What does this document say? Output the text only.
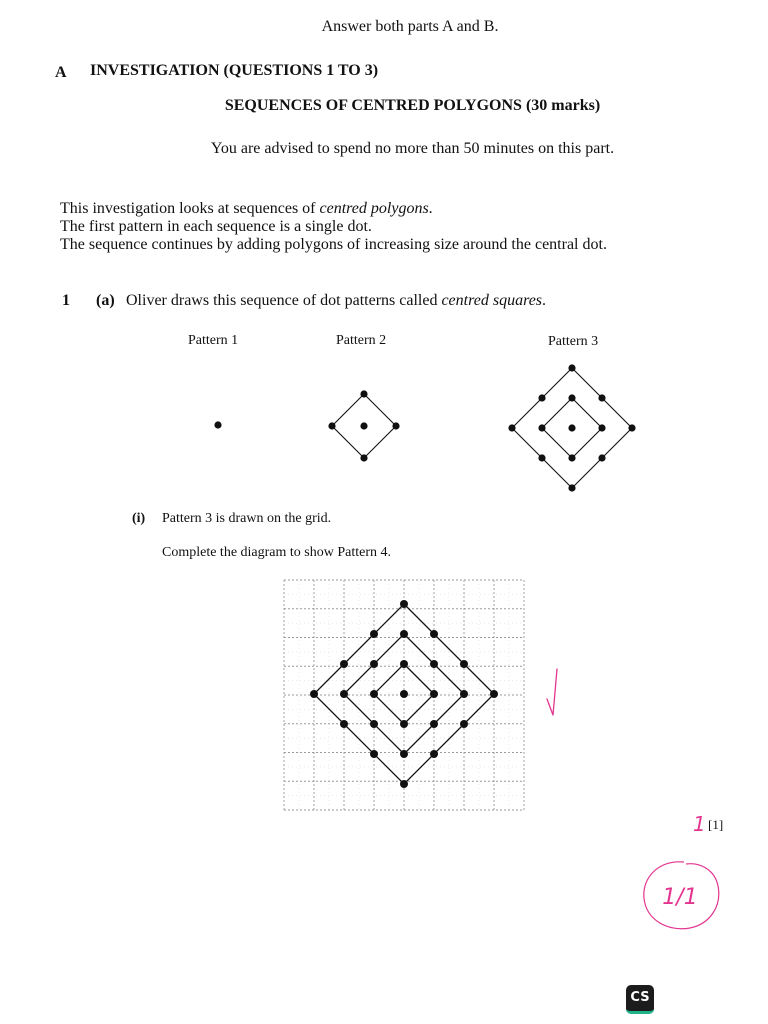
Answer both parts A and B.
A INVESTIGATION (QUESTIONS 1 TO 3)
SEQUENCES OF CENTRED POLYGONS (30 marks)
You are advised to spend no more than 50 minutes on this part.
This investigation looks at sequences of centred polygons.
The first pattern in each sequence is a single dot.
The sequence continues by adding polygons of increasing size around the central dot.
1 (a) Oliver draws this sequence of dot patterns called centred squares.
Pattern 1	Pattern 2	Pattern 3
(i) Pattern 3 is drawn on the grid.
Complete the diagram to show Pattern 4.
1 [1]
1/1
CS
